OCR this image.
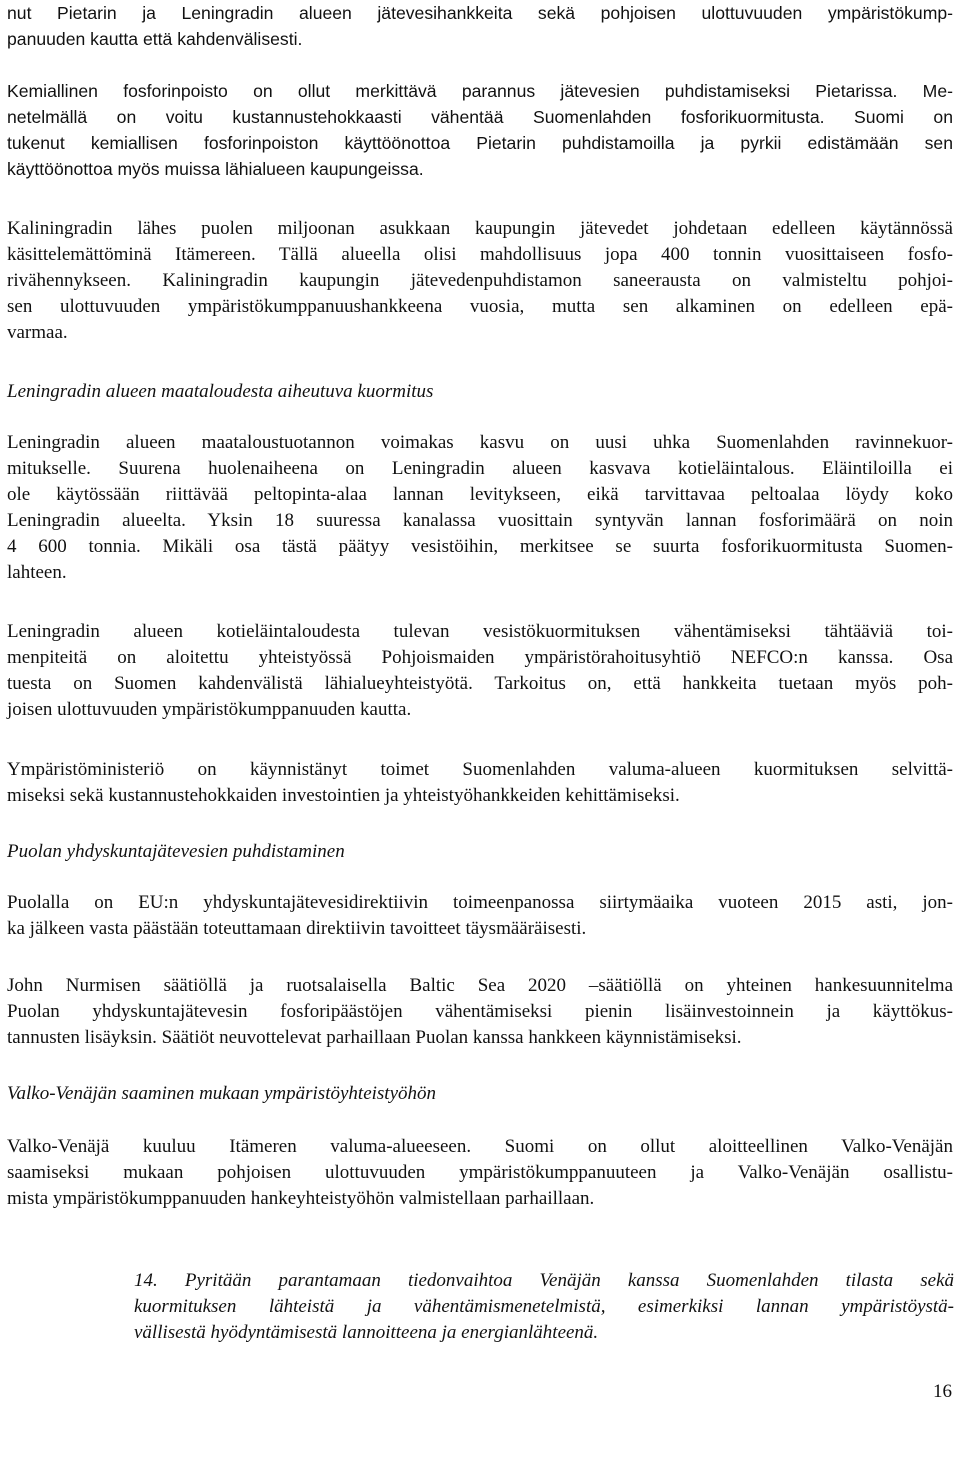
nut Pietarin ja Leningradin alueen jätevesihankkeita sekä pohjoisen ulottuvuuden ympäristökump-
panuuden kautta että kahdenvälisesti.
Kemiallinen fosforinpoisto on ollut merkittävä parannus jätevesien puhdistamiseksi Pietarissa. Me-
netelmällä on voitu kustannustehokkaasti vähentää Suomenlahden fosforikuormitusta. Suomi on
tukenut kemiallisen fosforinpoiston käyttöönottoa Pietarin puhdistamoilla ja pyrkii edistämään sen
käyttöönottoa myös muissa lähialueen kaupungeissa.
Kaliningradin lähes puolen miljoonan asukkaan kaupungin jätevedet johdetaan edelleen käytännössä
käsittelemättöminä Itämereen. Tällä alueella olisi mahdollisuus jopa 400 tonnin vuosittaiseen fosfo-
rivähennykseen. Kaliningradin kaupungin jätevedenpuhdistamon saneerausta on valmisteltu pohjoi-
sen ulottuvuuden ympäristökumppanuushankkeena vuosia, mutta sen alkaminen on edelleen epä-
varmaa.
Leningradin alueen maataloudesta aiheutuva kuormitus
Leningradin alueen maataloustuotannon voimakas kasvu on uusi uhka Suomenlahden ravinnekuor-
mitukselle. Suurena huolenaiheena on Leningradin alueen kasvava kotieläintalous. Eläintiloilla ei
ole käytössään riittävää peltopinta-alaa lannan levitykseen, eikä tarvittavaa peltoalaa löydy koko
Leningradin alueelta. Yksin 18 suuressa kanalassa vuosittain syntyvän lannan fosforimäärä on noin
4 600 tonnia. Mikäli osa tästä päätyy vesistöihin, merkitsee se suurta fosforikuormitusta Suomen-
lahteen.
Leningradin alueen kotieläintaloudesta tulevan vesistökuormituksen vähentämiseksi tähtääviä toi-
menpiteitä on aloitettu yhteistyössä Pohjoismaiden ympäristörahoitusyhtiö NEFCO:n kanssa. Osa
tuesta on Suomen kahdenvälistä lähialueyhteistyötä. Tarkoitus on, että hankkeita tuetaan myös poh-
joisen ulottuvuuden ympäristökumppanuuden kautta.
Ympäristöministeriö on käynnistänyt toimet Suomenlahden valuma-alueen kuormituksen selvittä-
miseksi sekä kustannustehokkaiden investointien ja yhteistyöhankkeiden kehittämiseksi.
Puolan yhdyskuntajätevesien puhdistaminen
Puolalla on EU:n yhdyskuntajätevesidirektiivin toimeenpanossa siirtymäaika vuoteen 2015 asti, jon-
ka jälkeen vasta päästään toteuttamaan direktiivin tavoitteet täysmääräisesti.
John Nurmisen säätiöllä ja ruotsalaisella Baltic Sea 2020 –säätiöllä on yhteinen hankesuunnitelma
Puolan yhdyskuntajätevesin fosforipäästöjen vähentämiseksi pienin lisäinvestoinnein ja käyttökus-
tannusten lisäyksin. Säätiöt neuvottelevat parhaillaan Puolan kanssa hankkeen käynnistämiseksi.
Valko-Venäjän saaminen mukaan ympäristöyhteistyöhön
Valko-Venäjä kuuluu Itämeren valuma-alueeseen. Suomi on ollut aloitteellinen Valko-Venäjän
saamiseksi mukaan pohjoisen ulottuvuuden ympäristökumppanuuteen ja Valko-Venäjän osallistu-
mista ympäristökumppanuuden hankeyhteistyöhön valmistellaan parhaillaan.
14. Pyritään parantamaan tiedonvaihtoa Venäjän kanssa Suomenlahden tilasta sekä
kuormituksen lähteistä ja vähentämismenetelmistä, esimerkiksi lannan ympäristöystä-
vällisestä hyödyntämisestä lannoitteena ja energianlähteenä.
16
